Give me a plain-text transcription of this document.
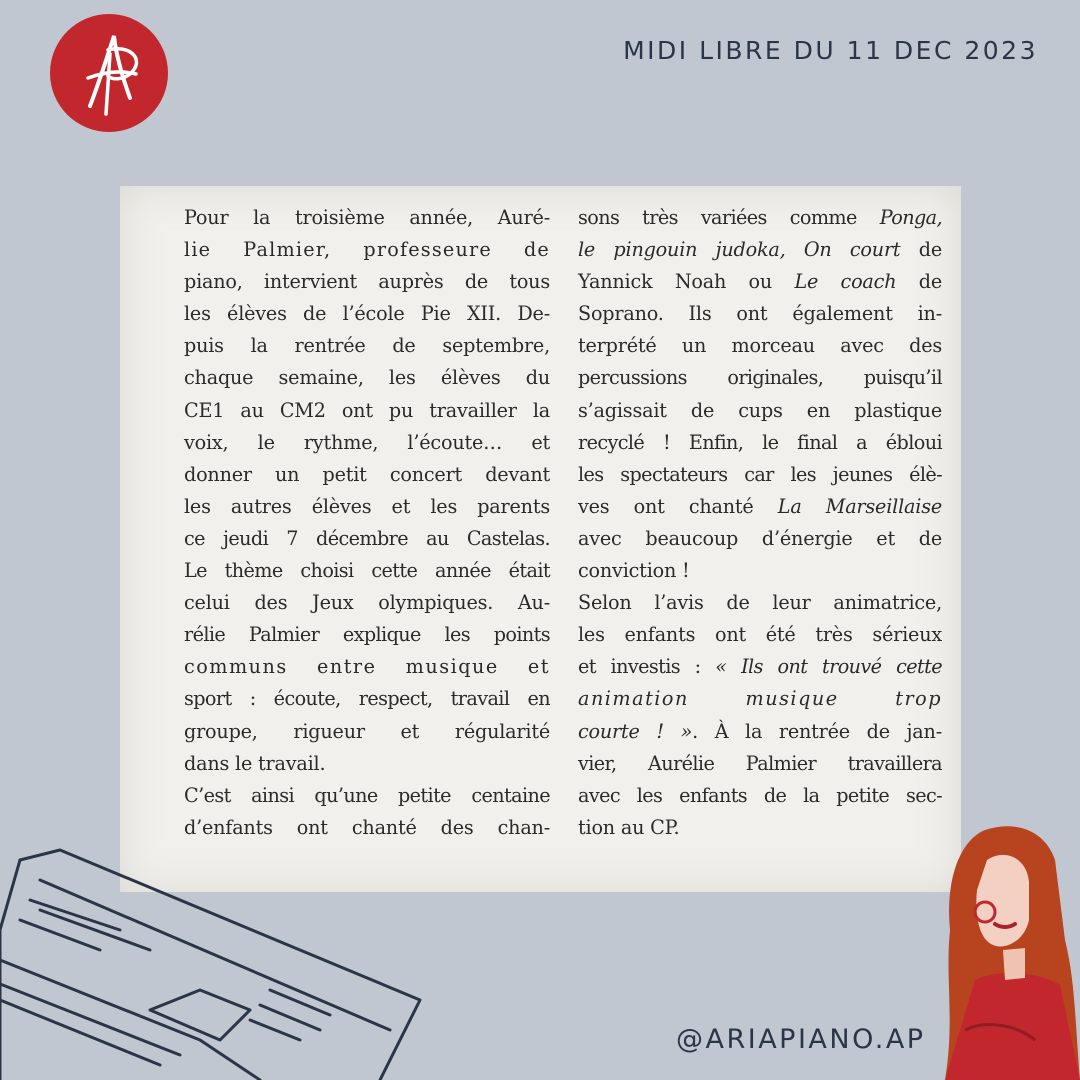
MIDI LIBRE DU 11 DEC 2023
Pour la troisième année, Auré-
lie Palmier, professeure de
piano, intervient auprès de tous
les élèves de l’école Pie XII. De-
puis la rentrée de septembre,
chaque semaine, les élèves du
CE1 au CM2 ont pu travailler la
voix, le rythme, l’écoute… et
donner un petit concert devant
les autres élèves et les parents
ce jeudi 7 décembre au Castelas.
Le thème choisi cette année était
celui des Jeux olympiques. Au-
rélie Palmier explique les points
communs entre musique et
sport : écoute, respect, travail en
groupe, rigueur et régularité
dans le travail.
C’est ainsi qu’une petite centaine
d’enfants ont chanté des chan-
sons très variées comme Ponga,
le pingouin judoka, On court de
Yannick Noah ou Le coach de
Soprano. Ils ont également in-
terprété un morceau avec des
percussions originales, puisqu’il
s’agissait de cups en plastique
recyclé ! Enfin, le final a ébloui
les spectateurs car les jeunes élè-
ves ont chanté La Marseillaise
avec beaucoup d’énergie et de
conviction !
Selon l’avis de leur animatrice,
les enfants ont été très sérieux
et investis : « Ils ont trouvé cette
animation musique trop
courte ! ». À la rentrée de jan-
vier, Aurélie Palmier travaillera
avec les enfants de la petite sec-
tion au CP.
@ARIAPIANO.AP
